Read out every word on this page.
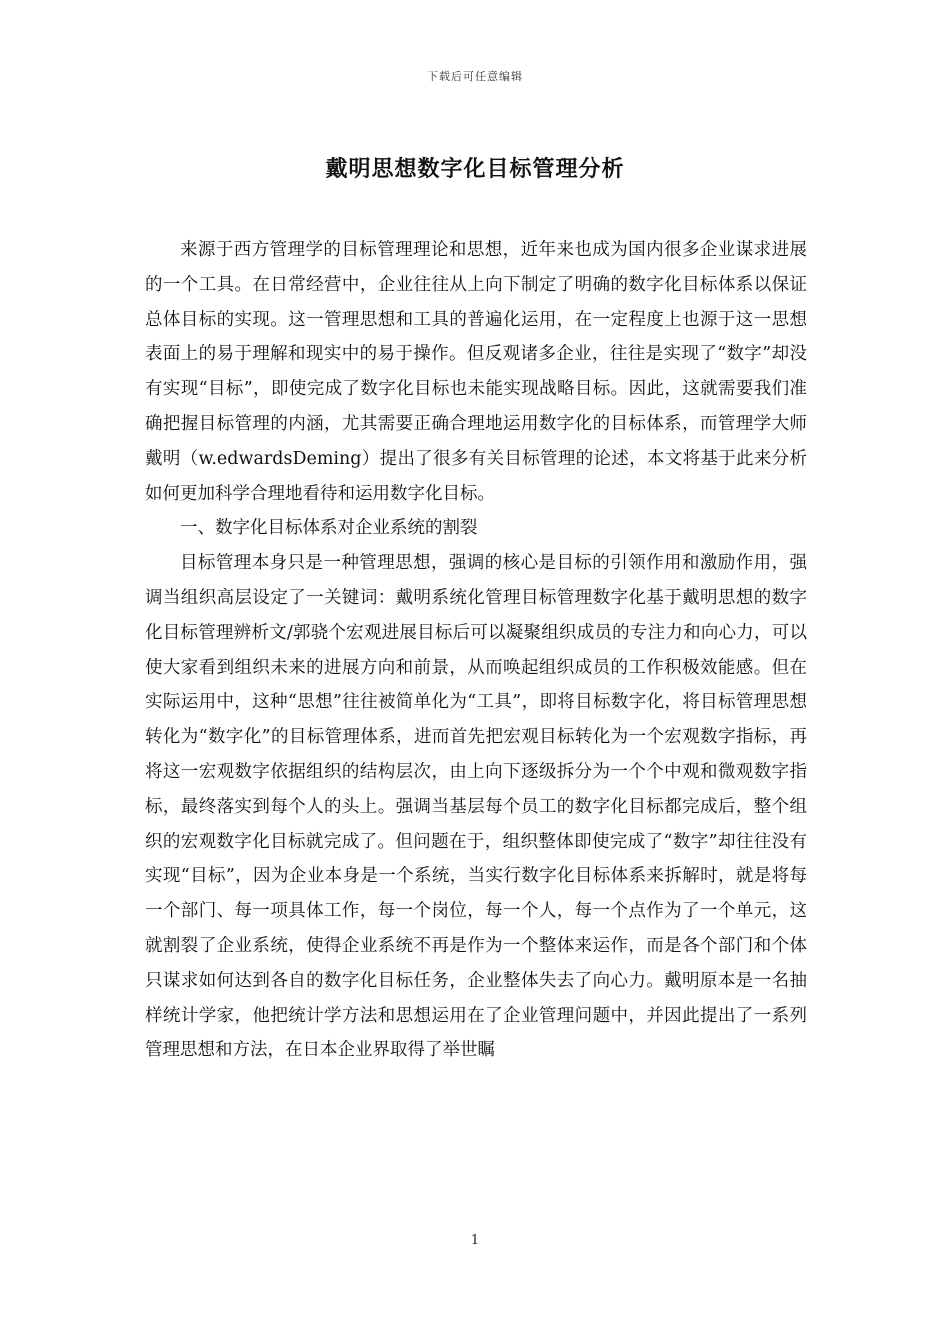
下载后可任意编辑
戴明思想数字化目标管理分析

来源于西方管理学的目标管理理论和思想，近年来也成为国内很多企业谋求进展的一个工具。在日常经营中，企业往往从上向下制定了明确的数字化目标体系以保证总体目标的实现。这一管理思想和工具的普遍化运用，在一定程度上也源于这一思想表面上的易于理解和现实中的易于操作。但反观诸多企业，往往是实现了“数字”却没有实现“目标”，即使完成了数字化目标也未能实现战略目标。因此，这就需要我们准确把握目标管理的内涵，尤其需要正确合理地运用数字化的目标体系，而管理学大师戴明（w.edwardsDeming）提出了很多有关目标管理的论述，本文将基于此来分析如何更加科学合理地看待和运用数字化目标。

一、数字化目标体系对企业系统的割裂

目标管理本身只是一种管理思想，强调的核心是目标的引领作用和激励作用，强调当组织高层设定了一关键词：戴明系统化管理目标管理数字化基于戴明思想的数字化目标管理辨析文/郭骁个宏观进展目标后可以凝聚组织成员的专注力和向心力，可以使大家看到组织未来的进展方向和前景，从而唤起组织成员的工作积极效能感。但在实际运用中，这种“思想”往往被简单化为“工具”，即将目标数字化，将目标管理思想转化为“数字化”的目标管理体系，进而首先把宏观目标转化为一个宏观数字指标，再将这一宏观数字依据组织的结构层次，由上向下逐级拆分为一个个中观和微观数字指标，最终落实到每个人的头上。强调当基层每个员工的数字化目标都完成后，整个组织的宏观数字化目标就完成了。但问题在于，组织整体即使完成了“数字”却往往没有实现“目标”，因为企业本身是一个系统，当实行数字化目标体系来拆解时，就是将每一个部门、每一项具体工作，每一个岗位，每一个人，每一个点作为了一个单元，这就割裂了企业系统，使得企业系统不再是作为一个整体来运作，而是各个部门和个体只谋求如何达到各自的数字化目标任务，企业整体失去了向心力。戴明原本是一名抽样统计学家，他把统计学方法和思想运用在了企业管理问题中，并因此提出了一系列管理思想和方法，在日本企业界取得了举世瞩

1
